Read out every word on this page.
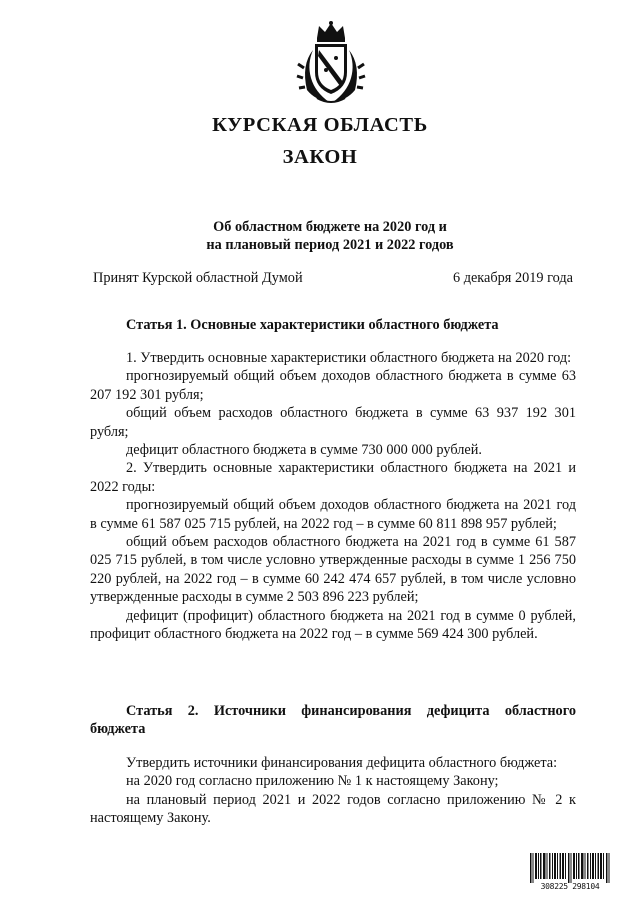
КУРСКАЯ ОБЛАСТЬ
ЗАКОН
Об областном бюджете на 2020 год и
на плановый период 2021 и 2022 годов
Принят Курской областной Думой	6 декабря 2019 года
Статья 1. Основные характеристики областного бюджета

1. Утвердить основные характеристики областного бюджета на 2020 год:

прогнозируемый общий объем доходов областного бюджета в сумме 63 207 192 301 рубля;

общий объем расходов областного бюджета в сумме 63 937 192 301 рубля;

дефицит областного бюджета в сумме 730 000 000 рублей.

2. Утвердить основные характеристики областного бюджета на 2021 и 2022 годы:

прогнозируемый общий объем доходов областного бюджета на 2021 год в сумме 61 587 025 715 рублей, на 2022 год – в сумме 60 811 898 957 рублей;

общий объем расходов областного бюджета на 2021 год в сумме 61 587 025 715 рублей, в том числе условно утвержденные расходы в сумме 1 256 750 220 рублей, на 2022 год – в сумме 60 242 474 657 рублей, в том числе условно утвержденные расходы в сумме 2 503 896 223 рублей;

дефицит (профицит) областного бюджета на 2021 год в сумме 0 рублей, профицит областного бюджета на 2022 год – в сумме 569 424 300 рублей.

Статья 2. Источники финансирования дефицита областного бюджета

Утвердить источники финансирования дефицита областного бюджета:

на 2020 год согласно приложению № 1 к настоящему Закону;

на плановый период 2021 и 2022 годов согласно приложению № 2 к настоящему Закону.

308225 298104
